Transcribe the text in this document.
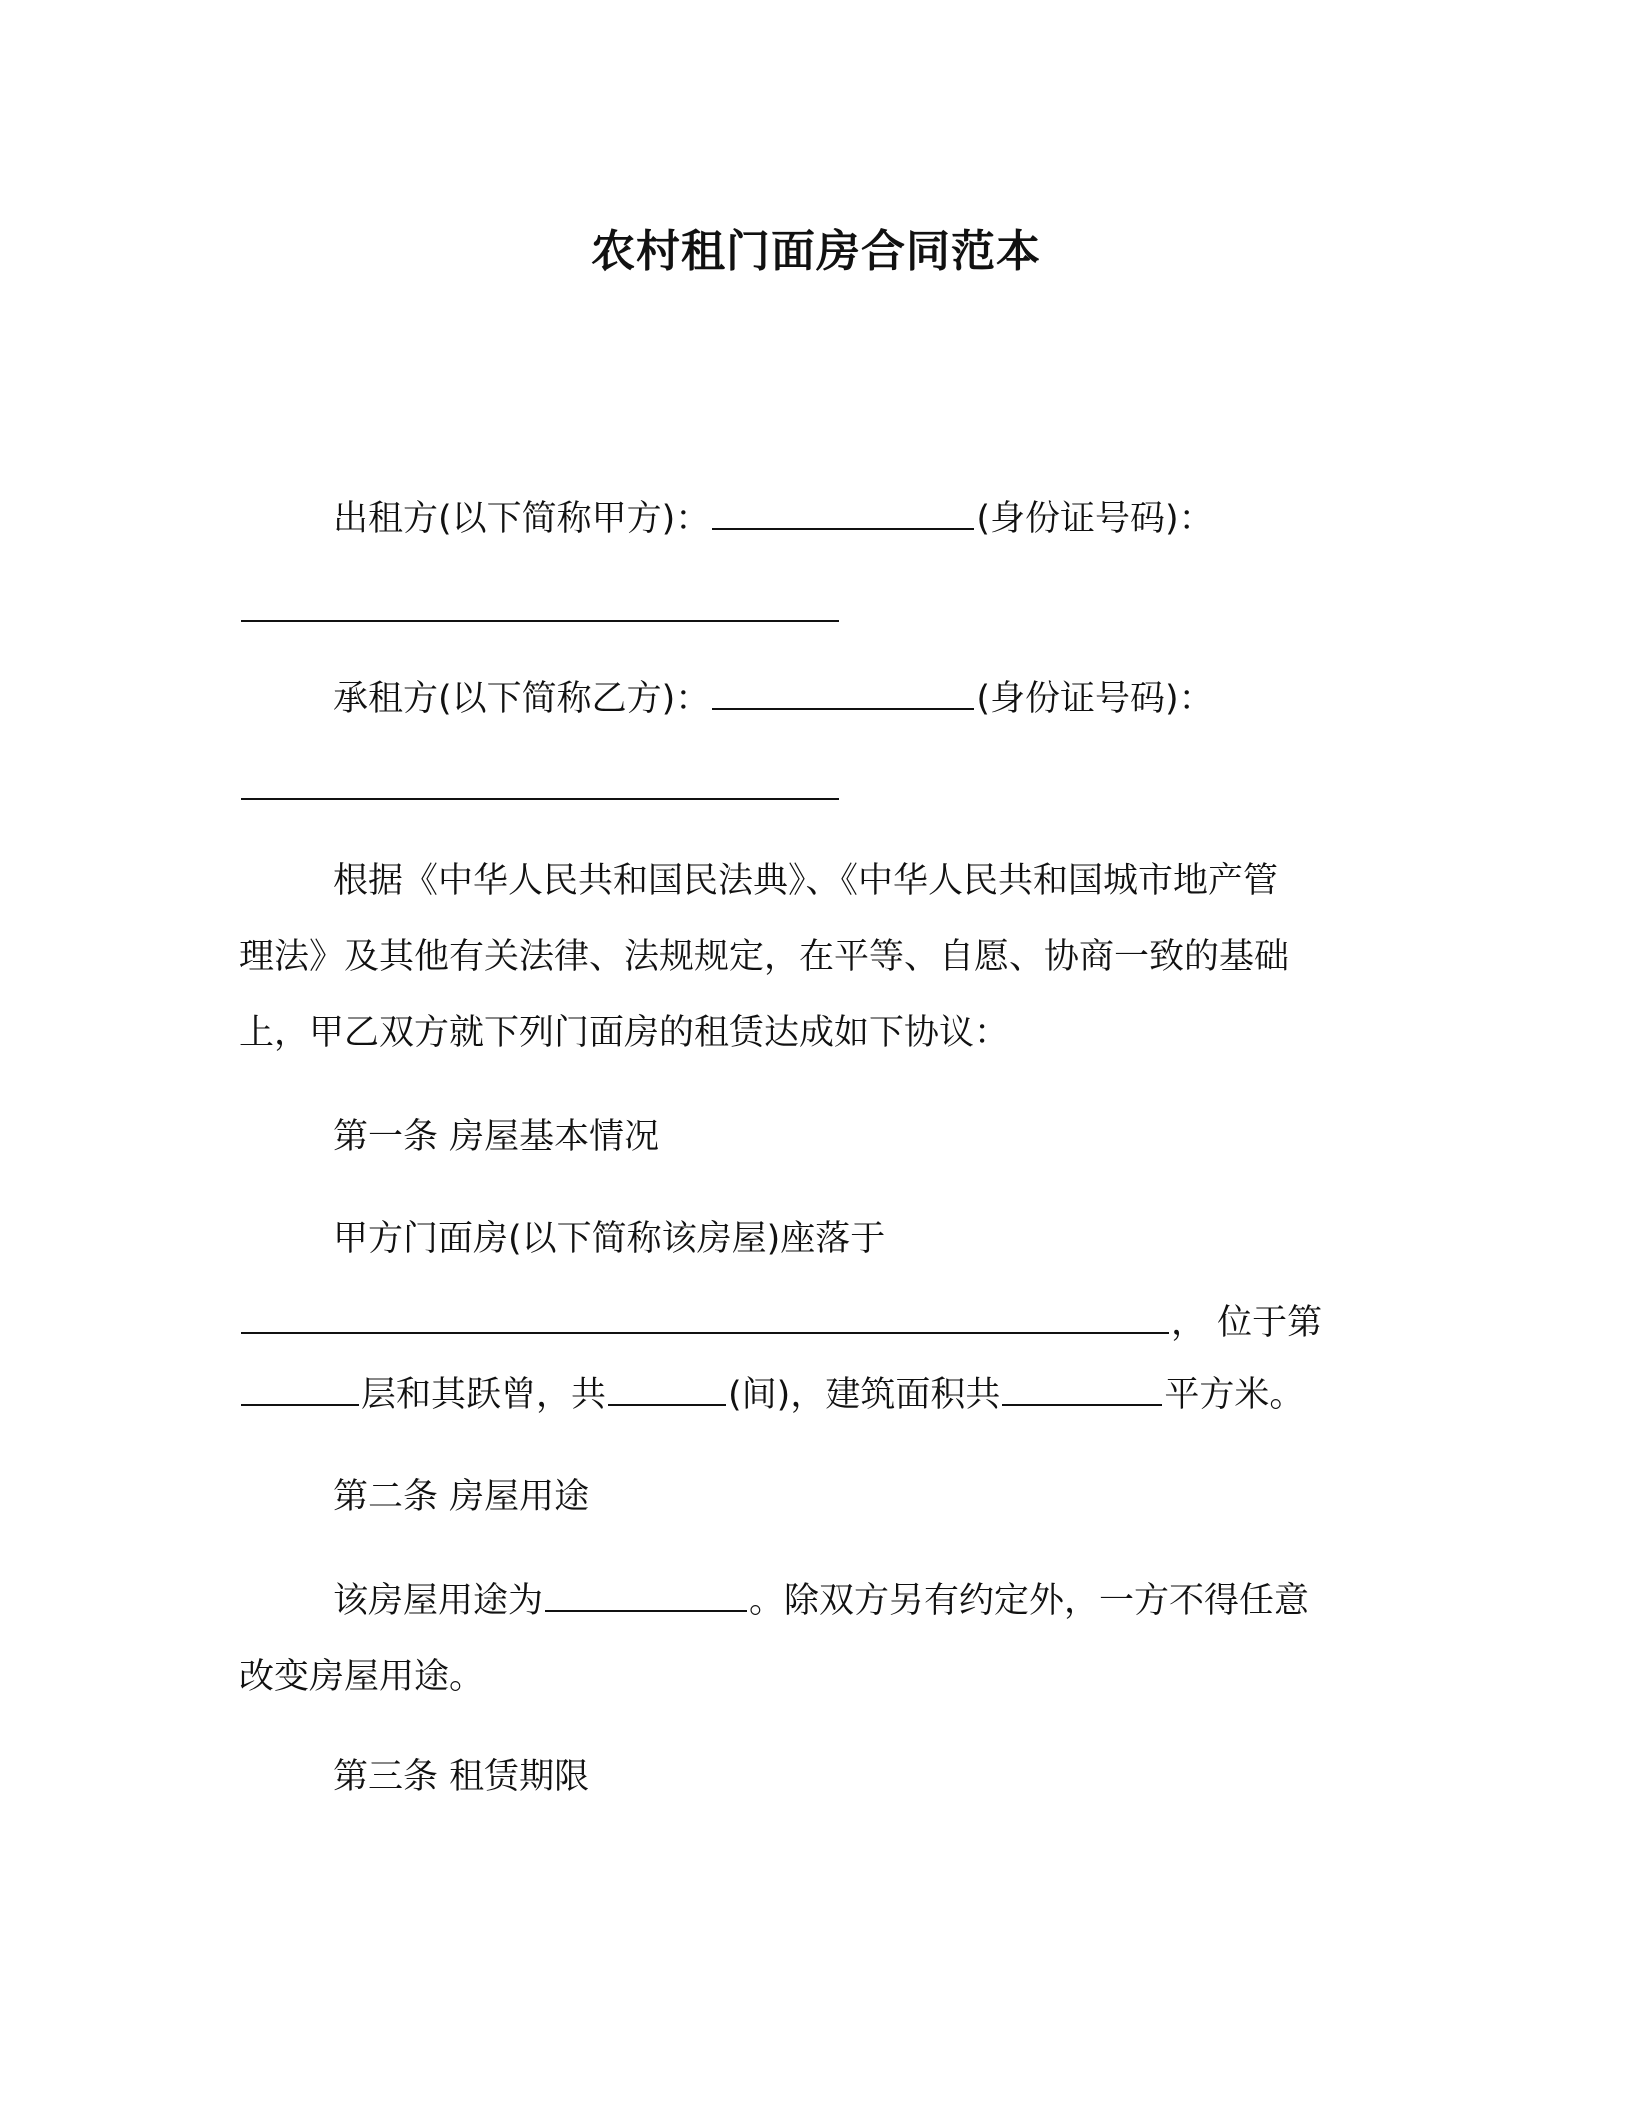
农村租门面房合同范本
出租方(以下简称甲方)：	(身份证号码)：
承租方(以下简称乙方)：	(身份证号码)：
根据《中华人民共和国民法典》、《中华人民共和国城市地产管
理法》及其他有关法律、法规规定，在平等、自愿、协商一致的基础
上，甲乙双方就下列门面房的租赁达成如下协议：
第一条 房屋基本情况
甲方门面房(以下简称该房屋)座落于
， 位于第
层和其跃曾，共	(间)，建筑面积共	平方米。
第二条 房屋用途
该房屋用途为	。除双方另有约定外，一方不得任意
改变房屋用途。
第三条 租赁期限
